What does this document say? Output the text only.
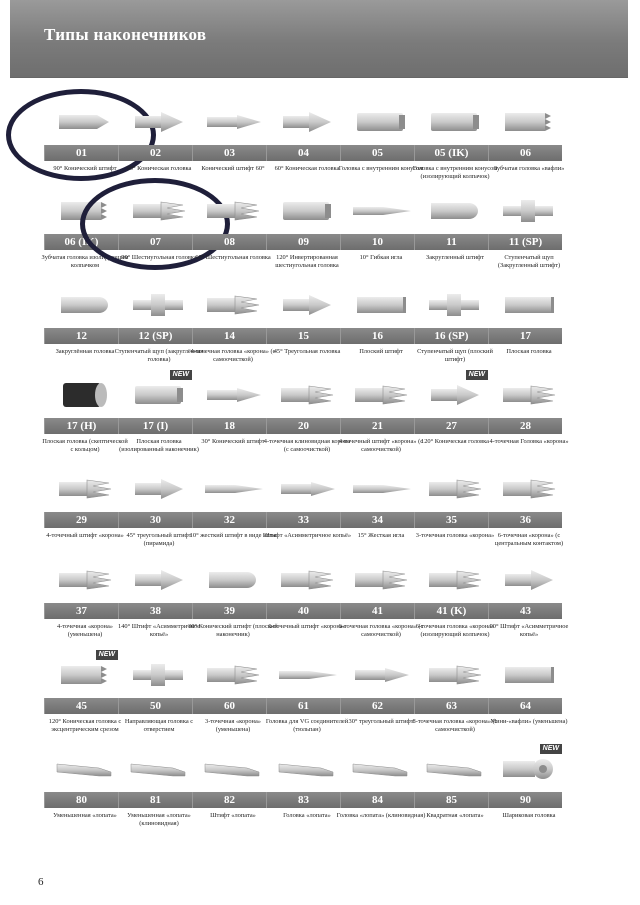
Типы наконечников
01
90° Конический штифт
02
90° Коническая головка
03
Конический штифт 60°
04
60° Коническая головка
05
Головка с внутренним конусом
05 (IK)
Головка с внутренним конусом (изолирующий колпачок)
06
Зубчатая головка «вафли»
06 (IK)
Зубчатая головка изолирующим колпачком
07
90° Шестиугольная головка
08
60° Шестиугольная головка
09
120° Инвертированная шестиугольная головка
10
10° Гибкая игла
11
Закругленный штифт
11 (SP)
Ступенчатый щуп (Закругленный штифт)
12
Закруглённая головка
12 (SP)
Ступенчатый щуп (закруглённая головка)
14
4-точечная головка «корона» (с самоочисткой)
15
45° Треугольная головка
16
Плоский штифт
16 (SP)
Ступенчатый щуп (плоский штифт)
17
Плоская головка
17 (H)
Плоская головка (скептической с кольцом)
17 (I)
Плоская головка (изолированный наконечник)
NEW
18
30° Конический штифт
20
4-точечная клиновидная корона (с самоочисткой)
21
4-точечный штифт «корона» (с самоочисткой)
27
120° Коническая головка
NEW
28
4-точечная Головка «корона»
29
4-точечный штифт «корона»
30
45° треугольный штифт (пирамида)
32
10° жесткий штифт в виде иглы
33
Штифт «Асимметричное копьё»
34
15° Жесткая игла
35
3-точечная головка «корона»
36
6-точечная «корона» (с центральным контактом)
37
4-точечная «корона» (уменьшена)
38
140° Штифт «Асимметричное копьё»
39
30° Конический штифт (плоский наконечник)
40
6-точечный штифт «корона»
41
6-точечная головка «корона» (с самоочисткой)
41 (K)
6-точечная головка «корона» (изолирующий колпачок)
43
90° Штифт «Асимметричное копьё»
45
120° Коническая головка с эксцентрическим срезом
NEW
50
Направляющая головка с отверстием
60
3-точечная «корона» (уменьшена)
61
Головка для VG соединителей (тюльпан)
62
30° треугольный штифт
63
8-точечная головка «корона» (с самоочисткой)
64
Мини-«вафли» (уменьшена)
80
Уменьшенная «лопата»
81
Уменьшенная «лопата» (клиновидная)
82
Штифт «лопата»
83
Головка «лопата»
84
Головка «лопата» (клиновидная)
85
Квадратная «лопата»
90
Шариковая головка
NEW
6
